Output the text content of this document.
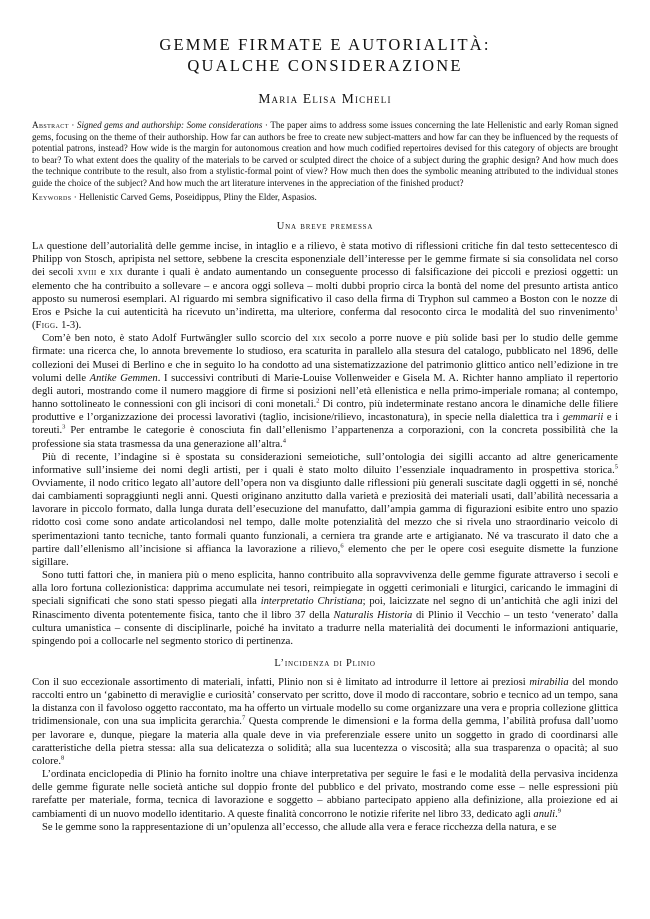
GEMME FIRMATE E AUTORIALITÀ:
QUALCHE CONSIDERAZIONE

Maria Elisa Micheli

Abstract · Signed gems and authorship: Some considerations · The paper aims to address some issues concerning the late Hellenistic and early Roman signed gems, focusing on the theme of their authorship. How far can authors be free to create new subject-matters and how far can they be influenced by the requests of potential patrons, instead? How wide is the margin for autonomous creation and how much codified repertoires devised for this category of objects are brought to bear? To what extent does the quality of the materials to be carved or sculpted direct the choice of a subject during the graphic design? And how much does the technique contribute to the result, also from a stylistic-formal point of view? How much then does the symbolic meaning attributed to the individual stones guide the choice of the subject? And how much the art literature intervenes in the appreciation of the finished product?

Keywords · Hellenistic Carved Gems, Poseidippus, Pliny the Elder, Aspasios.

Una breve premessa

La questione dell’autorialità delle gemme incise, in intaglio e a rilievo, è stata motivo di riflessioni critiche fin dal testo settecentesco di Philipp von Stosch, apripista nel settore, sebbene la crescita esponenziale dell’interesse per le gemme firmate si sia consolidata nel corso dei secoli xviii e xix durante i quali è andato aumentando un conseguente processo di falsificazione dei piccoli e preziosi oggetti: un elemento che ha contribuito a sollevare – e ancora oggi solleva – molti dubbi proprio circa la bontà del nome del presunto artista antico apposto su numerosi esemplari. Al riguardo mi sembra significativo il caso della firma di Tryphon sul cammeo a Boston con le nozze di Eros e Psiche la cui autenticità ha ricevuto un’indiretta, ma ulteriore, conferma dal resoconto circa le modalità del suo rinvenimento$^1$ (Figg. 1-3).

Com’è ben noto, è stato Adolf Furtwängler sullo scorcio del xix secolo a porre nuove e più solide basi per lo studio delle gemme firmate: una ricerca che, lo annota brevemente lo studioso, era scaturita in parallelo alla stesura del catalogo, pubblicato nel 1896, delle collezioni dei Musei di Berlino e che in seguito lo ha condotto ad una sistematizzazione del patrimonio glittico antico nell’edizione in tre volumi delle Antike Gemmen. I successivi contributi di Marie-Louise Vollenweider e Gisela M. A. Richter hanno ampliato il repertorio degli autori, mostrando come il numero maggiore di firme si posizioni nell’età ellenistica e nella primo-imperiale romana; al contempo, hanno sottolineato le connessioni con gli incisori di coni monetali.$^2$ Di contro, più indeterminate restano ancora le dinamiche delle filiere produttive e l’organizzazione dei processi lavorativi (taglio, incisione/rilievo, incastonatura), in specie nella dialettica tra i gemmarii e i toreuti.$^3$ Per entrambe le categorie è conosciuta fin dall’ellenismo l’appartenenza a corporazioni, con la concreta possibilità che la professione sia stata trasmessa da una generazione all’altra.$^4$

Più di recente, l’indagine si è spostata su considerazioni semeiotiche, sull’ontologia dei sigilli accanto ad altre genericamente informative sull’insieme dei nomi degli artisti, per i quali è stato molto diluito l’essenziale inquadramento in prospettiva storica.$^5$ Ovviamente, il nodo critico legato all’autore dell’opera non va disgiunto dalle riflessioni più generali suscitate dagli oggetti in sé, nonché dai cambiamenti sopraggiunti negli anni. Questi originano anzitutto dalla varietà e preziosità dei materiali usati, dall’abilità necessaria a lavorare in piccolo formato, dalla lunga durata dell’esecuzione del manufatto, dall’ampia gamma di figurazioni esibite entro uno spazio ridotto così come sono andate articolandosi nel tempo, dalle molte potenzialità del mezzo che si rivela uno straordinario veicolo di sperimentazioni tanto tecniche, tanto formali quanto funzionali, a cerniera tra grande arte e artigianato. Né va trascurato il dato che a partire dall’ellenismo all’incisione si affianca la lavorazione a rilievo,$^6$ elemento che per le opere così eseguite dismette la funzione sigillare.

Sono tutti fattori che, in maniera più o meno esplicita, hanno contribuito alla sopravvivenza delle gemme figurate attraverso i secoli e alla loro fortuna collezionistica: dapprima accumulate nei tesori, reimpiegate in oggetti cerimoniali e liturgici, caricando le immagini di speciali significati che sono stati spesso piegati alla interpretatio Christiana; poi, laicizzate nel segno di un’antichità che agli inizi del Rinascimento diventa potentemente fisica, tanto che il libro 37 della Naturalis Historia di Plinio il Vecchio – un testo ‘venerato’ dalla cultura umanistica – consente di disciplinarle, poiché ha invitato a tradurre nella materialità dei documenti le informazioni antiquarie, spingendo poi a collocarle nel segmento storico di pertinenza.

L’incidenza di Plinio

Con il suo eccezionale assortimento di materiali, infatti, Plinio non si è limitato ad introdurre il lettore ai preziosi mirabilia del mondo raccolti entro un ‘gabinetto di meraviglie e curiosità’ conservato per scritto, dove il modo di raccontare, sobrio e tecnico ad un tempo, sana la distanza con il favoloso oggetto raccontato, ma ha offerto un virtuale modello su come organizzare una vera e propria collezione glittica tridimensionale, con una sua implicita gerarchia.$^7$ Questa comprende le dimensioni e la forma della gemma, l’abilità profusa dall’uomo per lavorare e, dunque, piegare la materia alla quale deve in via preferenziale essere unito un soggetto in grado di coordinarsi alle caratteristiche della pietra stessa: alla sua delicatezza o solidità; alla sua lucentezza o viscosità; alla sua trasparenza o opacità; al suo colore.$^8$

L’ordinata enciclopedia di Plinio ha fornito inoltre una chiave interpretativa per seguire le fasi e le modalità della pervasiva incidenza delle gemme figurate nelle società antiche sul doppio fronte del pubblico e del privato, mostrando come esse – nelle espressioni più rarefatte per materiale, forma, tecnica di lavorazione e soggetto – abbiano partecipato appieno alla definizione, alla proiezione ed ai cambiamenti di un nuovo modello identitario. A queste finalità concorrono le notizie riferite nel libro 33, dedicato agli anuli.$^9$

Se le gemme sono la rappresentazione di un’opulenza all’eccesso, che allude alla vera e ferace ricchezza della natura, e se
